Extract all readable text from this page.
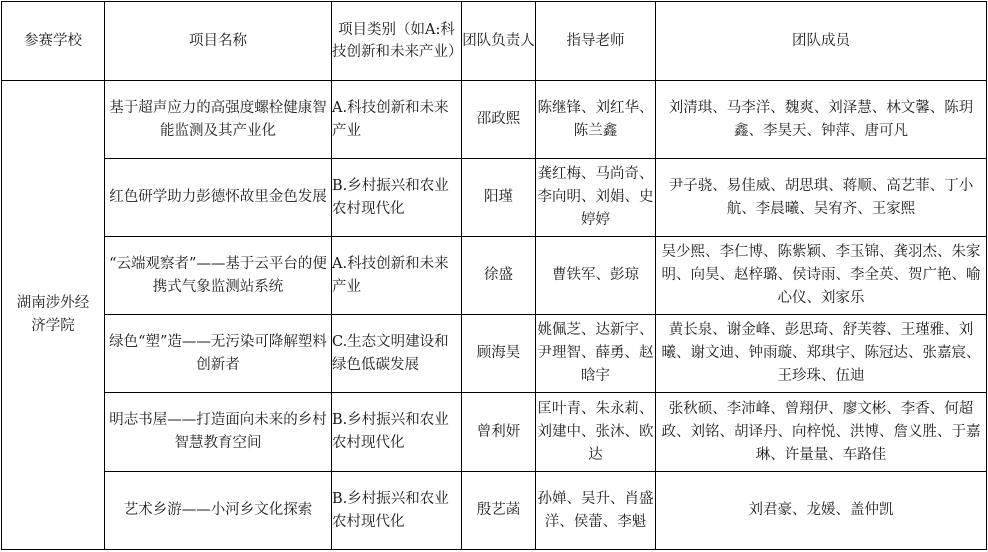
参赛学校	项目名称	项目类别（如A:科技创新和未来产业）	团队负责人	指导老师	团队成员
湖南涉外经济学院	基于超声应力的高强度螺栓健康智能监测及其产业化	A.科技创新和未来产业	邵政熙	陈继锋、刘红华、陈兰鑫	刘清琪、马李洋、魏爽、刘泽慧、林文馨、陈玥鑫、李昊天、钟萍、唐可凡
	红色研学助力彭德怀故里金色发展	B.乡村振兴和农业农村现代化	阳瑾	龚红梅、马尚奇、李向明、刘娟、史婷婷	尹子骁、易佳威、胡思琪、蒋顺、高艺菲、丁小航、李晨曦、吴宥齐、王家熙
	“云端观察者”——基于云平台的便携式气象监测站系统	A.科技创新和未来产业	徐盛	曹铁军、彭琼	吴少熙、李仁博、陈紫颖、李玉锦、龚羽杰、朱家明、向昊、赵梓璐、侯诗雨、李全英、贺广艳、喻心仪、刘家乐
	绿色“塑”造——无污染可降解塑料创新者	C.生态文明建设和绿色低碳发展	顾海昊	姚佩芝、达新宇、尹理智、薛勇、赵晗宇	黄长泉、谢金峰、彭思琦、舒芙蓉、王瑾雅、刘曦、谢文迪、钟雨璇、郑琪宇、陈冠达、张嘉宸、王珍珠、伍迪
	明志书屋——打造面向未来的乡村智慧教育空间	B.乡村振兴和农业农村现代化	曾利妍	匡叶青、朱永莉、刘建中、张沐、欧达	张秋硕、李沛峰、曾翔伊、廖文彬、李香、何超政、刘铭、胡译丹、向梓悦、洪博、詹义胜、于嘉琳、许量量、车路佳
	艺术乡游——小河乡文化探索	B.乡村振兴和农业农村现代化	殷艺菡	孙婵、吴升、肖盛洋、侯蕾、李魁	刘君豪、龙媛、盖仲凯
